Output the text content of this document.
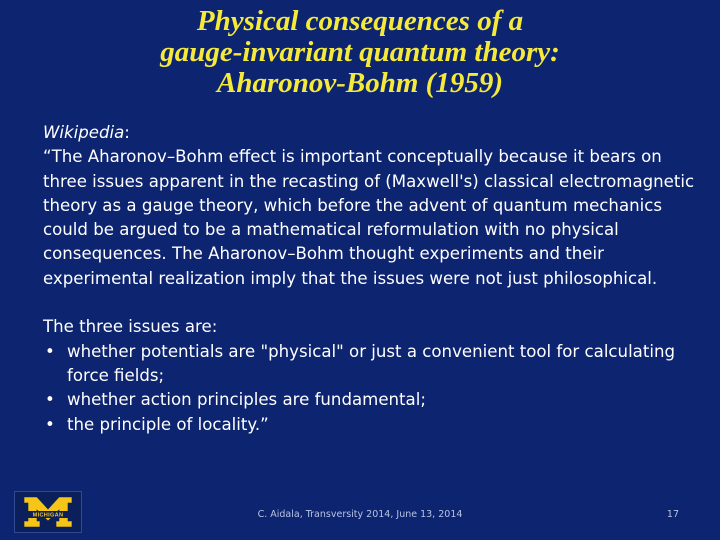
Physical consequences of a
gauge-invariant quantum theory:
Aharonov-Bohm (1959)

Wikipedia:

“The Aharonov–Bohm effect is important conceptually because it bears on three issues apparent in the recasting of (Maxwell's) classical electromagnetic theory as a gauge theory, which before the advent of quantum mechanics could be argued to be a mathematical reformulation with no physical consequences. The Aharonov–Bohm thought experiments and their experimental realization imply that the issues were not just philosophical.

The three issues are:

• whether potentials are "physical" or just a convenient tool for calculating force fields;
• whether action principles are fundamental;
• the principle of locality.”
MICHIGAN	C. Aidala, Transversity 2014, June 13, 2014	17
